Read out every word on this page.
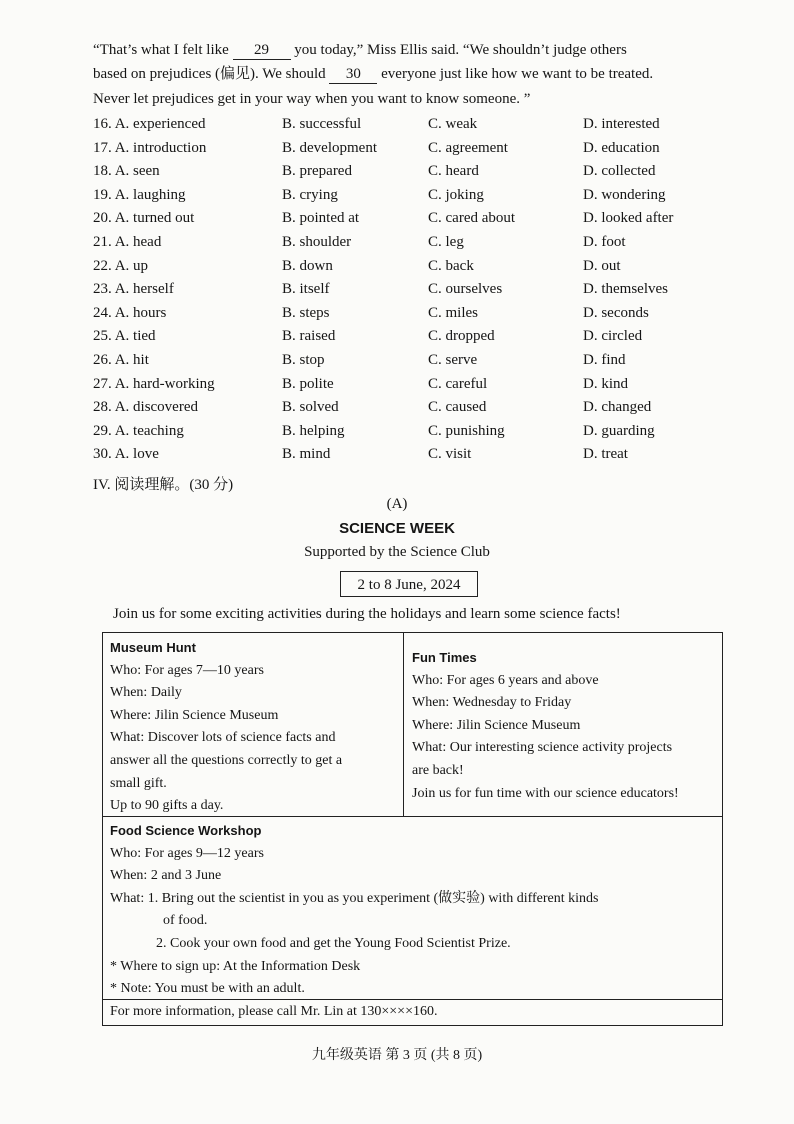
“That’s what I felt like 29 you today,” Miss Ellis said. “We shouldn’t judge others

based on prejudices (偏见). We should 30 everyone just like how we want to be treated.

Never let prejudices get in your way when you want to know someone. ”

16. A. experienced	B. successful	C. weak	D. interested
17. A. introduction	B. development	C. agreement	D. education
18. A. seen	B. prepared	C. heard	D. collected
19. A. laughing	B. crying	C. joking	D. wondering
20. A. turned out	B. pointed at	C. cared about	D. looked after
21. A. head	B. shoulder	C. leg	D. foot
22. A. up	B. down	C. back	D. out
23. A. herself	B. itself	C. ourselves	D. themselves
24. A. hours	B. steps	C. miles	D. seconds
25. A. tied	B. raised	C. dropped	D. circled
26. A. hit	B. stop	C. serve	D. find
27. A. hard-working	B. polite	C. careful	D. kind
28. A. discovered	B. solved	C. caused	D. changed
29. A. teaching	B. helping	C. punishing	D. guarding
30. A. love	B. mind	C. visit	D. treat
IV. 阅读理解。(30 分)
(A)
SCIENCE WEEK
Supported by the Science Club
2 to 8 June, 2024
Join us for some exciting activities during the holidays and learn some science facts!
Museum Hunt
Who: For ages 7—10 years
When: Daily
Where: Jilin Science Museum
What: Discover lots of science facts and
answer all the questions correctly to get a
small gift.
Up to 90 gifts a day.
Fun Times
Who: For ages 6 years and above
When: Wednesday to Friday
Where: Jilin Science Museum
What: Our interesting science activity projects
are back!
Join us for fun time with our science educators!
Food Science Workshop
Who: For ages 9—12 years
When: 2 and 3 June
What: 1. Bring out the scientist in you as you experiment (做实验) with different kinds
of food.
2. Cook your own food and get the Young Food Scientist Prize.
* Where to sign up: At the Information Desk
* Note: You must be with an adult.
For more information, please call Mr. Lin at 130××××160.
九年级英语 第 3 页 (共 8 页)
